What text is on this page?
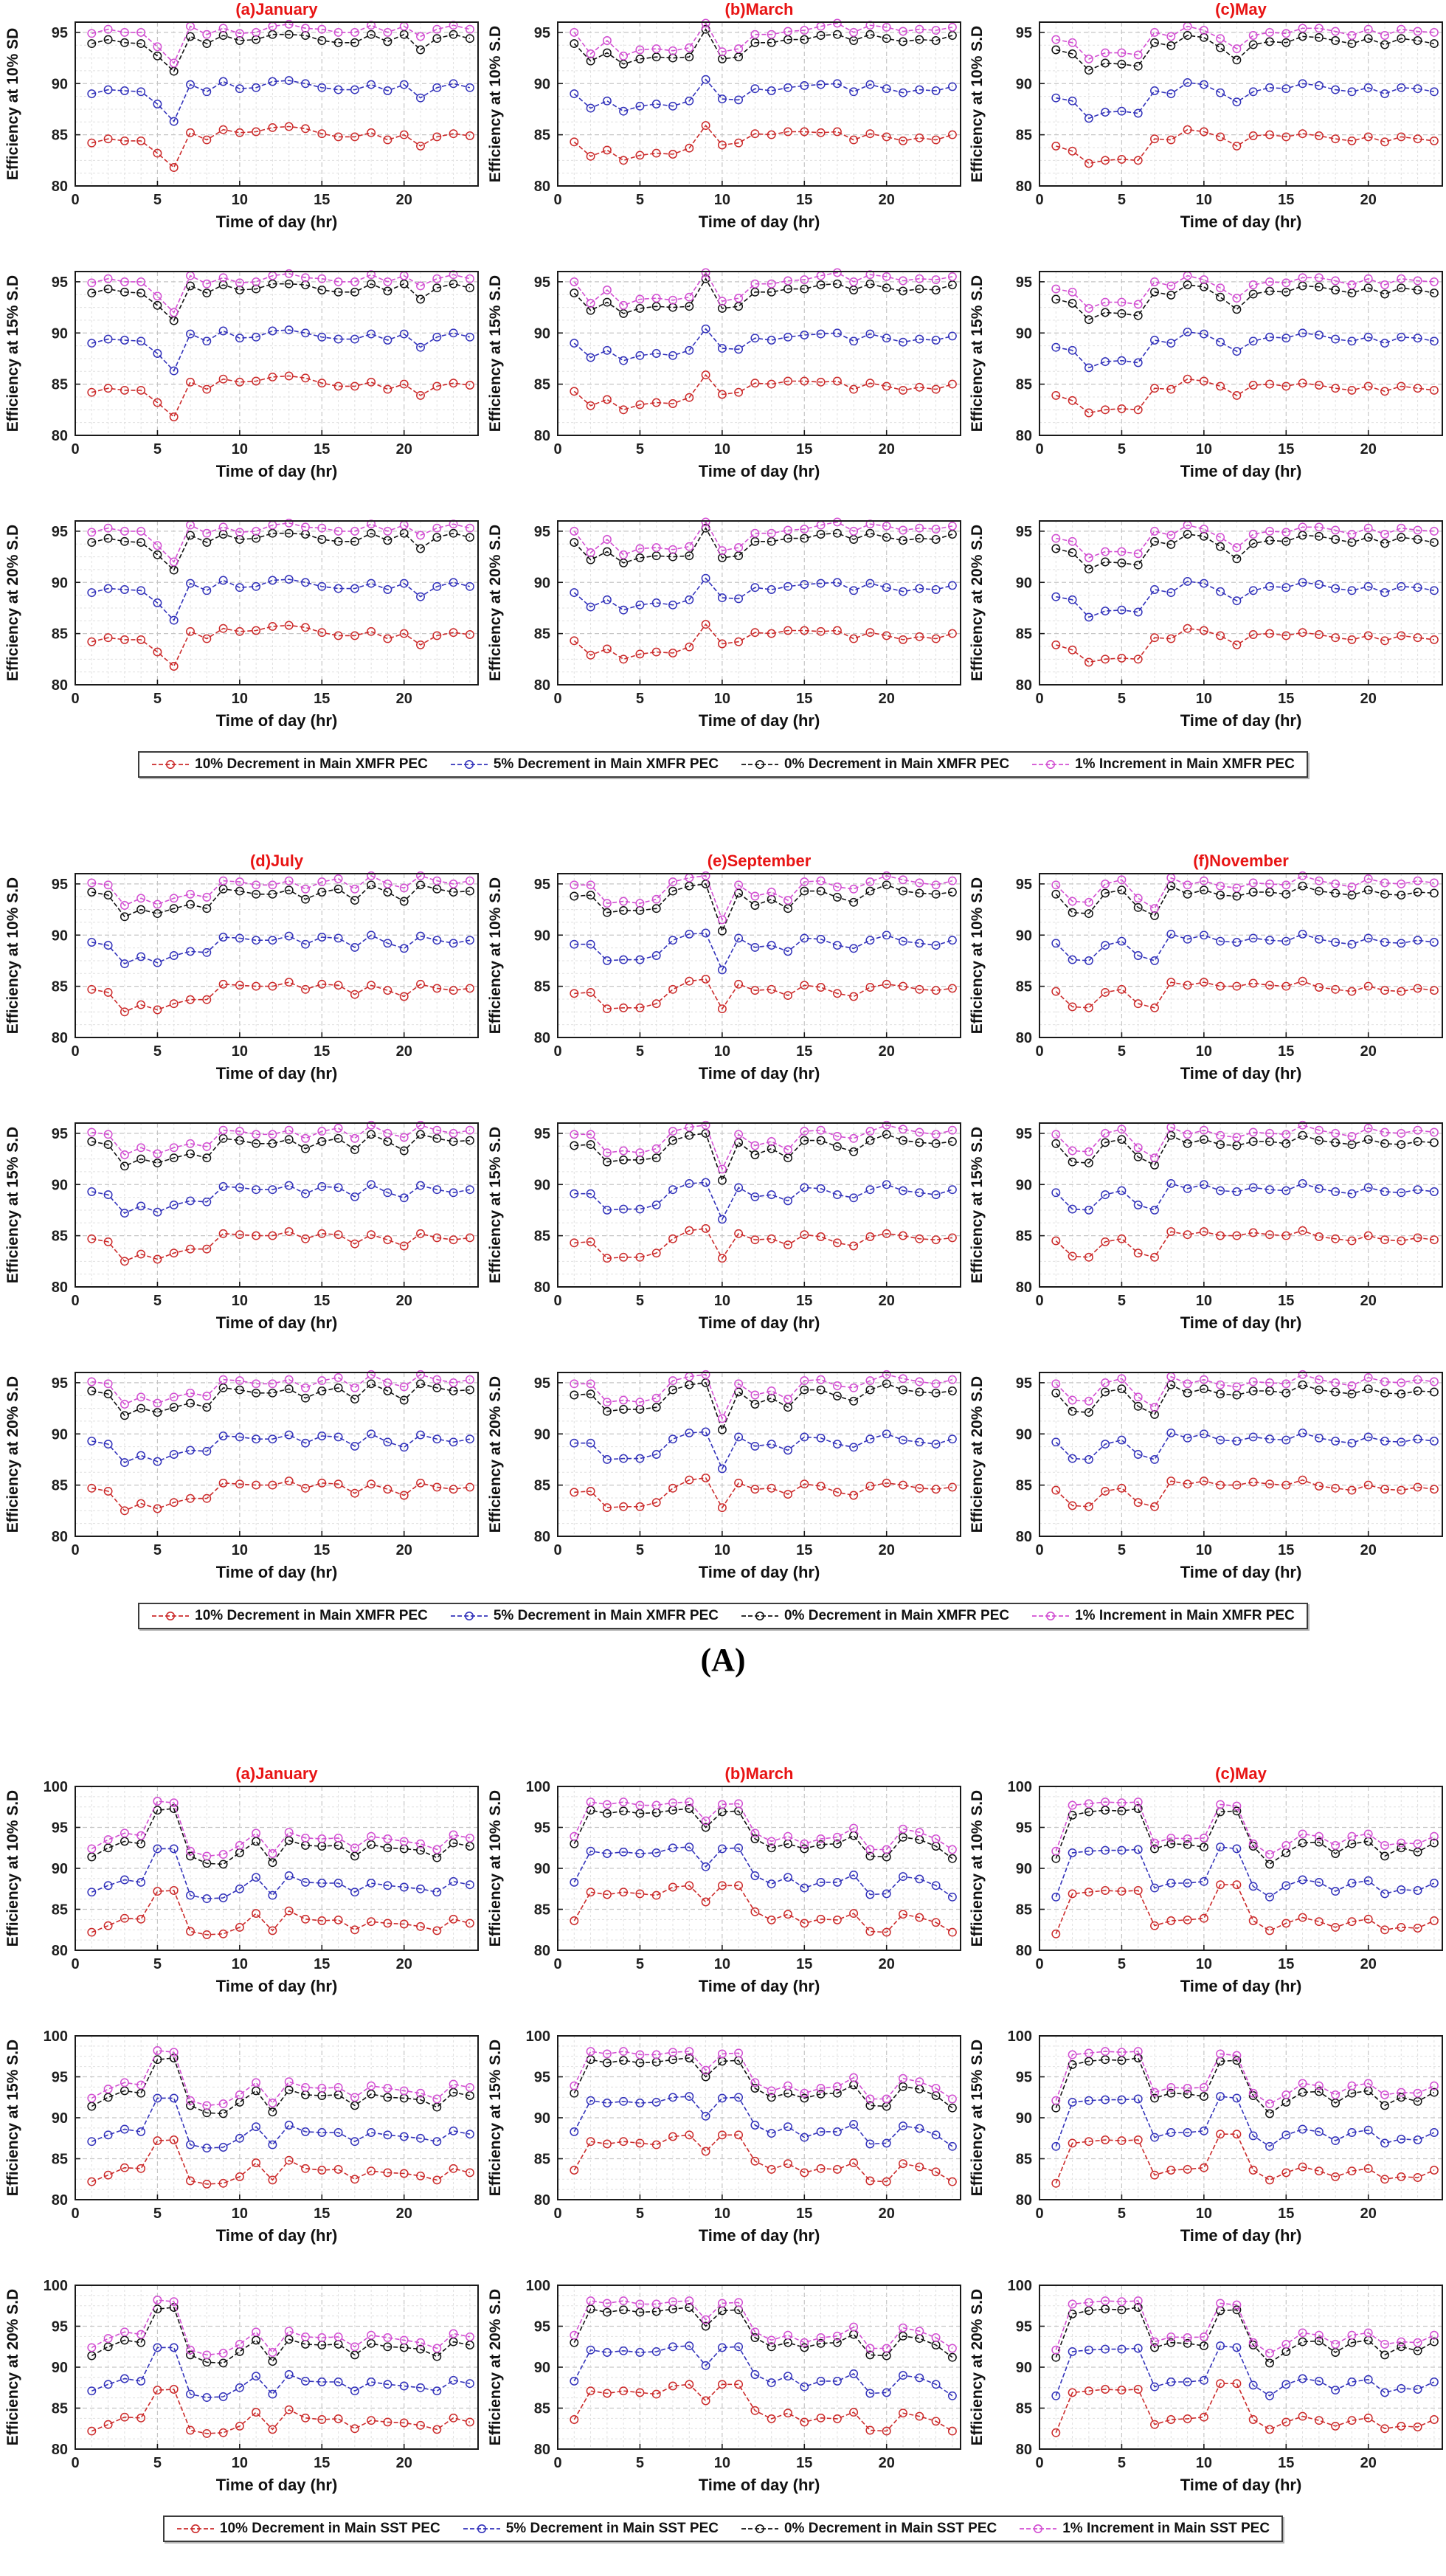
0	5	10	15	20
80
85
90
95
(a)January
Time of day (hr)
Efficiency at 10% SD
0	5	10	15	20
80
85
90
95
(b)March
Time of day (hr)
Efficiency at 10% S.D
0	5	10	15	20
80
85
90
95
(c)May
Time of day (hr)
Efficiency at 10% S.D
0	5	10	15	20
80
85
90
95
Time of day (hr)
Efficiency at 15% S.D
0	5	10	15	20
80
85
90
95
Time of day (hr)
Efficiency at 15% S.D
0	5	10	15	20
80
85
90
95
Time of day (hr)
Efficiency at 15% S.D
0	5	10	15	20
80
85
90
95
Time of day (hr)
Efficiency at 20% S.D
0	5	10	15	20
80
85
90
95
Time of day (hr)
Efficiency at 20% S.D
0	5	10	15	20
80
85
90
95
Time of day (hr)
Efficiency at 20% S.D
10% Decrement in Main XMFR PEC	5% Decrement in Main XMFR PEC	0% Decrement in Main XMFR PEC	1% Increment in Main XMFR PEC
0	5	10	15	20
80
85
90
95
(d)July
Time of day (hr)
Efficiency at 10% S.D
0	5	10	15	20
80
85
90
95
(e)September
Time of day (hr)
Efficiency at 10% S.D
0	5	10	15	20
80
85
90
95
(f)November
Time of day (hr)
Efficiency at 10% S.D
0	5	10	15	20
80
85
90
95
Time of day (hr)
Efficiency at 15% S.D
0	5	10	15	20
80
85
90
95
Time of day (hr)
Efficiency at 15% S.D
0	5	10	15	20
80
85
90
95
Time of day (hr)
Efficiency at 15% S.D
0	5	10	15	20
80
85
90
95
Time of day (hr)
Efficiency at 20% S.D
0	5	10	15	20
80
85
90
95
Time of day (hr)
Efficiency at 20% S.D
0	5	10	15	20
80
85
90
95
Time of day (hr)
Efficiency at 20% S.D
10% Decrement in Main XMFR PEC	5% Decrement in Main XMFR PEC	0% Decrement in Main XMFR PEC	1% Increment in Main XMFR PEC
(A)
0	5	10	15	20
80
85
90
95
100
(a)January
Time of day (hr)
Efficiency at 10% S.D
0	5	10	15	20
80
85
90
95
100
(b)March
Time of day (hr)
Efficiency at 10% S.D
0	5	10	15	20
80
85
90
95
100
(c)May
Time of day (hr)
Efficiency at 10% S.D
0	5	10	15	20
80
85
90
95
100
Time of day (hr)
Efficiency at 15% S.D
0	5	10	15	20
80
85
90
95
100
Time of day (hr)
Efficiency at 15% S.D
0	5	10	15	20
80
85
90
95
100
Time of day (hr)
Efficiency at 15% S.D
0	5	10	15	20
80
85
90
95
100
Time of day (hr)
Efficiency at 20% S.D
0	5	10	15	20
80
85
90
95
100
Time of day (hr)
Efficiency at 20% S.D
0	5	10	15	20
80
85
90
95
100
Time of day (hr)
Efficiency at 20% S.D
10% Decrement in Main SST PEC	5% Decrement in Main SST PEC	0% Decrement in Main SST PEC	1% Increment in Main SST PEC
